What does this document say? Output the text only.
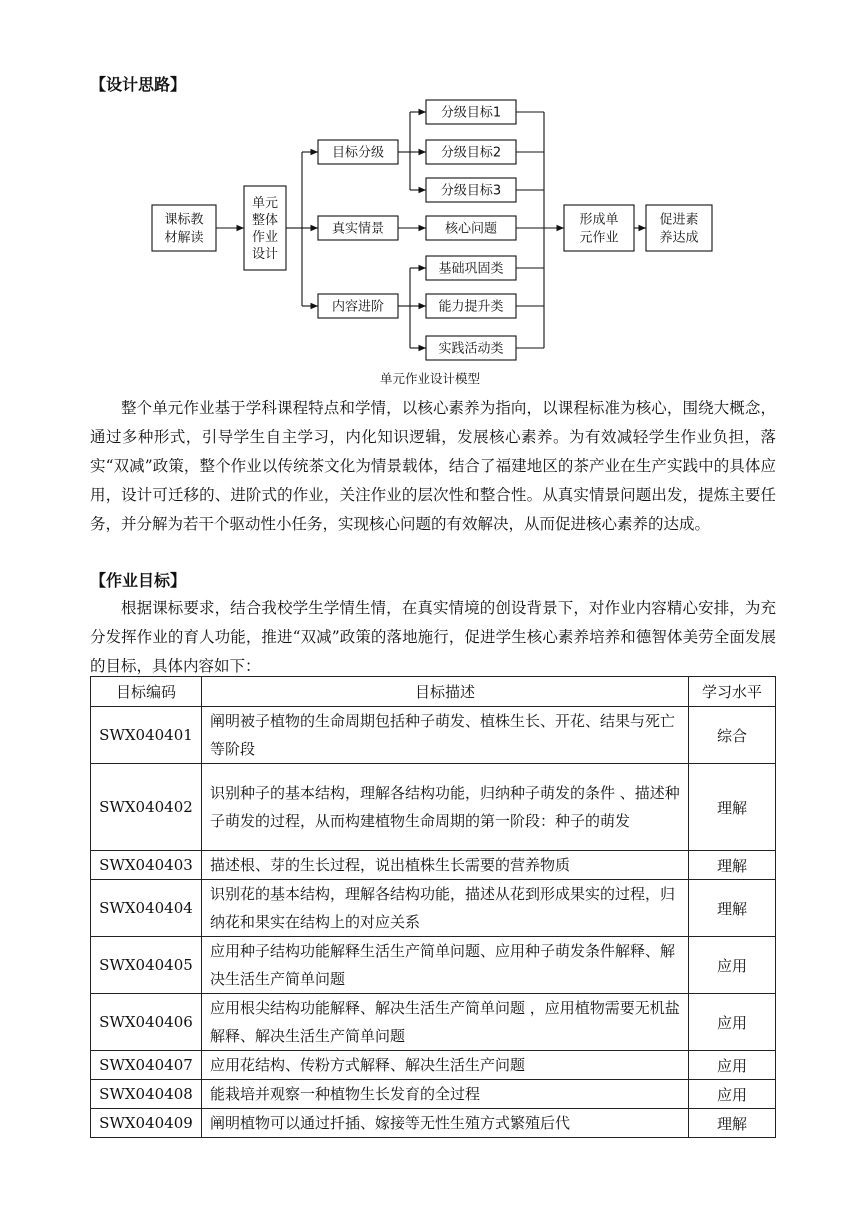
【设计思路】
课标教材解读
单元整体作业设计
目标分级
真实情景
内容进阶
分级目标1
分级目标2
分级目标3
核心问题
基础巩固类
能力提升类
实践活动类
形成单元作业
促进素养达成
单元作业设计模型
整个单元作业基于学科课程特点和学情，以核心素养为指向，以课程标准为核心，围绕大概念，通过多种形式，引导学生自主学习，内化知识逻辑，发展核心素养。为有效减轻学生作业负担，落实“双减”政策，整个作业以传统茶文化为情景载体，结合了福建地区的茶产业在生产实践中的具体应用，设计可迁移的、进阶式的作业，关注作业的层次性和整合性。从真实情景问题出发，提炼主要任务，并分解为若干个驱动性小任务，实现核心问题的有效解决，从而促进核心素养的达成。
【作业目标】
根据课标要求，结合我校学生学情生情，在真实情境的创设背景下，对作业内容精心安排，为充分发挥作业的育人功能，推进“双减”政策的落地施行，促进学生核心素养培养和德智体美劳全面发展的目标，具体内容如下：
目标编码	目标描述	学习水平
SWX040401	阐明被子植物的生命周期包括种子萌发、植株生长、开花、结果与死亡等阶段	综合
SWX040402	识别种子的基本结构，理解各结构功能，归纳种子萌发的条件 、描述种子萌发的过程，从而构建植物生命周期的第一阶段：种子的萌发	理解
SWX040403	描述根、芽的生长过程，说出植株生长需要的营养物质	理解
SWX040404	识别花的基本结构，理解各结构功能，描述从花到形成果实的过程，归纳花和果实在结构上的对应关系	理解
SWX040405	应用种子结构功能解释生活生产简单问题、应用种子萌发条件解释、解决生活生产简单问题	应用
SWX040406	应用根尖结构功能解释、解决生活生产简单问题 ，应用植物需要无机盐解释、解决生活生产简单问题	应用
SWX040407	应用花结构、传粉方式解释、解决生活生产问题	应用
SWX040408	能栽培并观察一种植物生长发育的全过程	应用
SWX040409	阐明植物可以通过扦插、嫁接等无性生殖方式繁殖后代	理解
